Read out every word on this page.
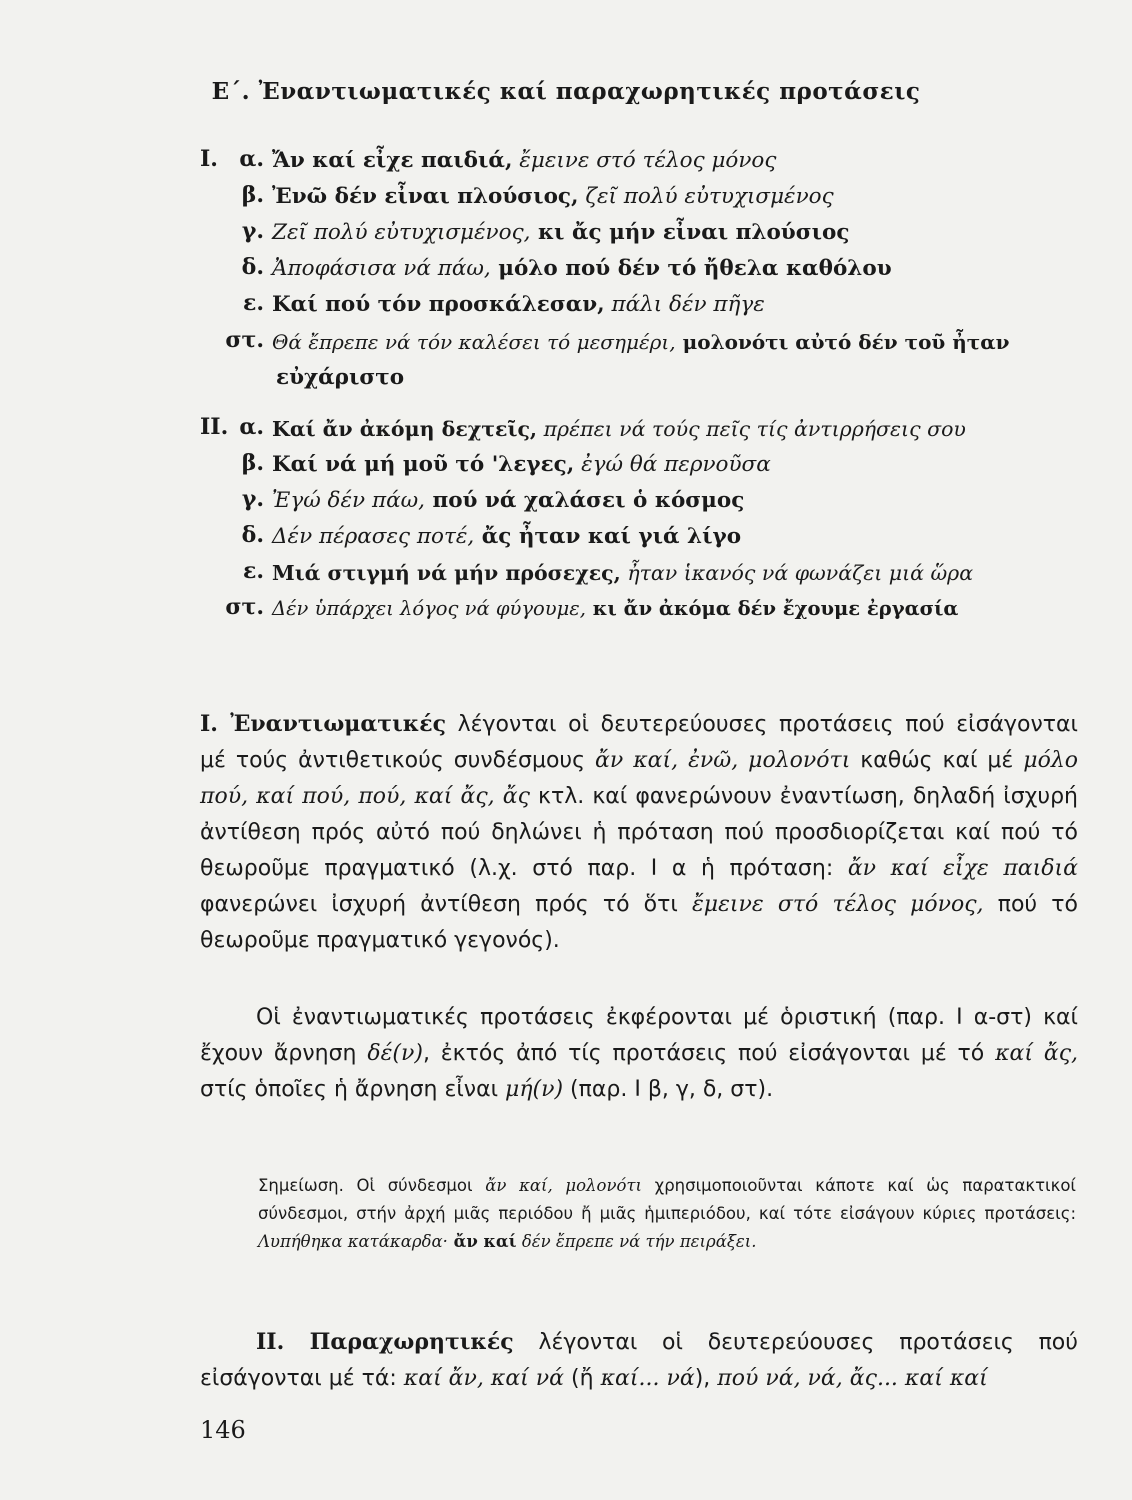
Ε΄. Ἐναντιωματικές καί παραχωρητικές προτάσεις
Ι. α. Ἄν καί εἶχε παιδιά, ἔμεινε στό τέλος μόνος
β. Ἐνῶ δέν εἶναι πλούσιος, ζεῖ πολύ εὐτυχισμένος
γ. Ζεῖ πολύ εὐτυχισμένος, κι ἄς μήν εἶναι πλούσιος
δ. Ἀποφάσισα νά πάω, μόλο πού δέν τό ἤθελα καθόλου
ε. Καί πού τόν προσκάλεσαν, πάλι δέν πῆγε
στ. Θά ἔπρεπε νά τόν καλέσει τό μεσημέρι, μολονότι αὐτό δέν τοῦ ἦταν
εὐχάριστο
ΙΙ. α. Καί ἄν ἀκόμη δεχτεῖς, πρέπει νά τούς πεῖς τίς ἀντιρρήσεις σου
β. Καί νά μή μοῦ τό 'λεγες, ἐγώ θά περνοῦσα
γ. Ἐγώ δέν πάω, πού νά χαλάσει ὁ κόσμος
δ. Δέν πέρασες ποτέ, ἄς ἦταν καί γιά λίγο
ε. Μιά στιγμή νά μήν πρόσεχες, ἦταν ἱκανός νά φωνάζει μιά ὥρα
στ. Δέν ὑπάρχει λόγος νά φύγουμε, κι ἄν ἀκόμα δέν ἔχουμε ἐργασία
Ι. Ἐναντιωματικές λέγονται οἱ δευτερεύουσες προτάσεις πού εἰσάγονται μέ τούς ἀντιθετικούς συνδέσμους ἄν καί, ἐνῶ, μολονότι καθώς καί μέ μόλο πού, καί πού, πού, καί ἄς, ἄς κτλ. καί φανερώνουν ἐναντίωση, δηλαδή ἰσχυρή ἀντίθεση πρός αὐτό πού δηλώνει ἡ πρόταση πού προσδιορίζεται καί πού τό θεωροῦμε πραγματικό (λ.χ. στό παρ. Ι α ἡ πρόταση: ἄν καί εἶχε παιδιά φανερώνει ἰσχυρή ἀντίθεση πρός τό ὅτι ἔμεινε στό τέλος μόνος, πού τό θεωροῦμε πραγματικό γεγονός).
Οἱ ἐναντιωματικές προτάσεις ἐκφέρονται μέ ὁριστική (παρ. Ι α-στ) καί ἔχουν ἄρνηση δέ(ν), ἐκτός ἀπό τίς προτάσεις πού εἰσάγονται μέ τό καί ἄς, στίς ὁποῖες ἡ ἄρνηση εἶναι μή(ν) (παρ. Ι β, γ, δ, στ).
Σημείωση. Οἱ σύνδεσμοι ἄν καί, μολονότι χρησιμοποιοῦνται κάποτε καί ὡς παρατακτικοί σύνδεσμοι, στήν ἀρχή μιᾶς περιόδου ἤ μιᾶς ἡμιπεριόδου, καί τότε εἰσάγουν κύριες προτάσεις: Λυπήθηκα κατάκαρδα· ἄν καί δέν ἔπρεπε νά τήν πειράξει.
ΙΙ. Παραχωρητικές λέγονται οἱ δευτερεύουσες προτάσεις πού εἰσάγονται μέ τά: καί ἄν, καί νά (ἤ καί... νά), πού νά, νά, ἄς... καί καί
146
